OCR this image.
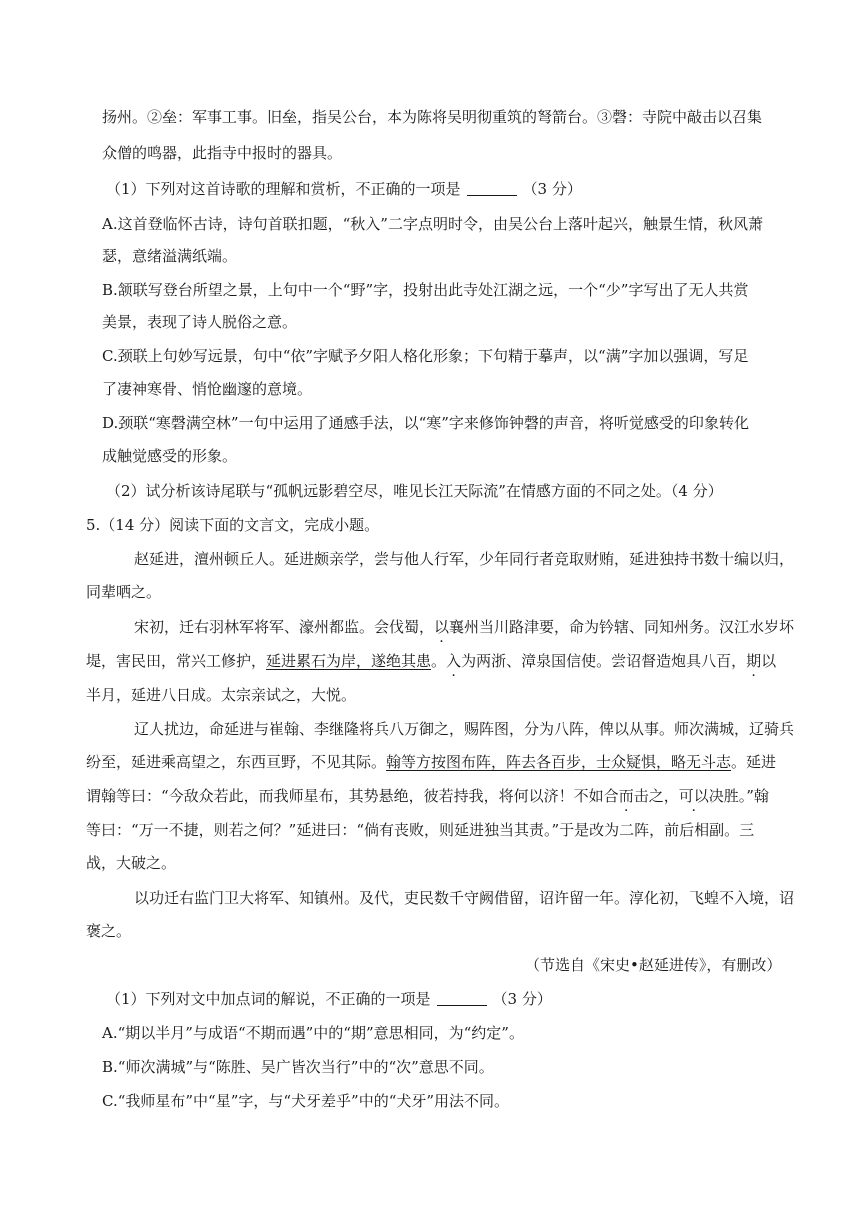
扬州。②垒：军事工事。旧垒，指吴公台，本为陈将吴明彻重筑的弩箭台。③磬：寺院中敲击以召集
众僧的鸣器，此指寺中报时的器具。
（1）下列对这首诗歌的理解和赏析，不正确的一项是	（3 分）
A.这首登临怀古诗，诗句首联扣题，“秋入”二字点明时令，由吴公台上落叶起兴，触景生情，秋风萧
瑟，意绪溢满纸端。
B.颔联写登台所望之景，上句中一个“野”字，投射出此寺处江湖之远，一个“少”字写出了无人共赏
美景，表现了诗人脱俗之意。
C.颈联上句妙写远景，句中“依”字赋予夕阳人格化形象；下句精于摹声，以“满”字加以强调，写足
了凄神寒骨、悄怆幽邃的意境。
D.颈联“寒磬满空林”一句中运用了通感手法，以“寒”字来修饰钟磬的声音，将听觉感受的印象转化
成触觉感受的形象。
（2）试分析该诗尾联与“孤帆远影碧空尽，唯见长江天际流”在情感方面的不同之处。（4 分）
5.（14 分）阅读下面的文言文，完成小题。
赵延进，澶州顿丘人。延进颇亲学，尝与他人行军，少年同行者竞取财贿，延进独持书数十编以归，
同辈哂之。
宋初，迁右羽林军将军、濠州都监。会伐蜀，以襄州当川路津要，命为钤辖、同知州务。汉江水岁坏
堤，害民田，常兴工修护，延进累石为岸，遂绝其患。入为两浙、漳泉国信使。尝诏督造炮具八百，期以
半月，延进八日成。太宗亲试之，大悦。
辽人扰边，命延进与崔翰、李继隆将兵八万御之，赐阵图，分为八阵，俾以从事。师次满城，辽骑兵
纷至，延进乘高望之，东西亘野，不见其际。翰等方按图布阵，阵去各百步，士众疑惧，略无斗志。延进
谓翰等曰：“今敌众若此，而我师星布，其势悬绝，彼若持我，将何以济！不如合而击之，可以决胜。”翰
等曰：“万一不捷，则若之何？”延进曰：“倘有丧败，则延进独当其责。”于是改为二阵，前后相副。三
战，大破之。
以功迁右监门卫大将军、知镇州。及代，吏民数千守阙借留，诏许留一年。淳化初，飞蝗不入境，诏
褒之。
（节选自《宋史•赵延进传》，有删改）
（1）下列对文中加点词的解说，不正确的一项是	（3 分）
A.“期以半月”与成语“不期而遇”中的“期”意思相同，为“约定”。
B.“师次满城”与“陈胜、吴广皆次当行”中的“次”意思不同。
C.“我师星布”中“星”字，与“犬牙差乎”中的“犬牙”用法不同。
